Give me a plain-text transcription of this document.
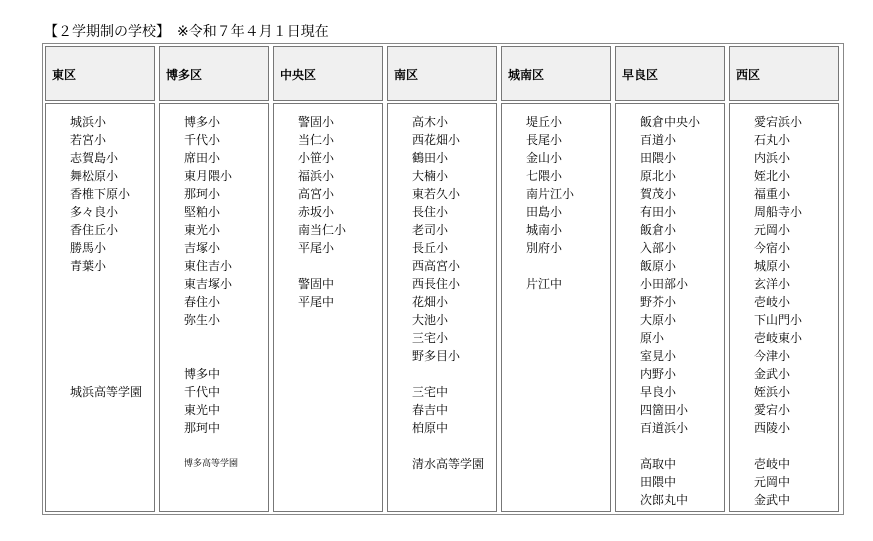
【２学期制の学校】　※令和７年４月１日現在
東区
城浜小
若宮小
志賀島小
舞松原小
香椎下原小
多々良小
香住丘小
勝馬小
青葉小
城浜高等学園
博多区
博多小
千代小
席田小
東月隈小
那珂小
堅粕小
東光小
吉塚小
東住吉小
東吉塚小
春住小
弥生小
博多中
千代中
東光中
那珂中
博多高等学園
中央区
警固小
当仁小
小笹小
福浜小
高宮小
赤坂小
南当仁小
平尾小
警固中
平尾中
南区
高木小
西花畑小
鶴田小
大楠小
東若久小
長住小
老司小
長丘小
西高宮小
西長住小
花畑小
大池小
三宅小
野多目小
三宅中
春吉中
柏原中
清水高等学園
城南区
堤丘小
長尾小
金山小
七隈小
南片江小
田島小
城南小
別府小
片江中
早良区
飯倉中央小
百道小
田隈小
原北小
賀茂小
有田小
飯倉小
入部小
飯原小
小田部小
野芥小
大原小
原小
室見小
内野小
早良小
四箇田小
百道浜小
高取中
田隈中
次郎丸中
西区
愛宕浜小
石丸小
内浜小
姪北小
福重小
周船寺小
元岡小
今宿小
城原小
玄洋小
壱岐小
下山門小
壱岐東小
今津小
金武小
姪浜小
愛宕小
西陵小
壱岐中
元岡中
金武中
